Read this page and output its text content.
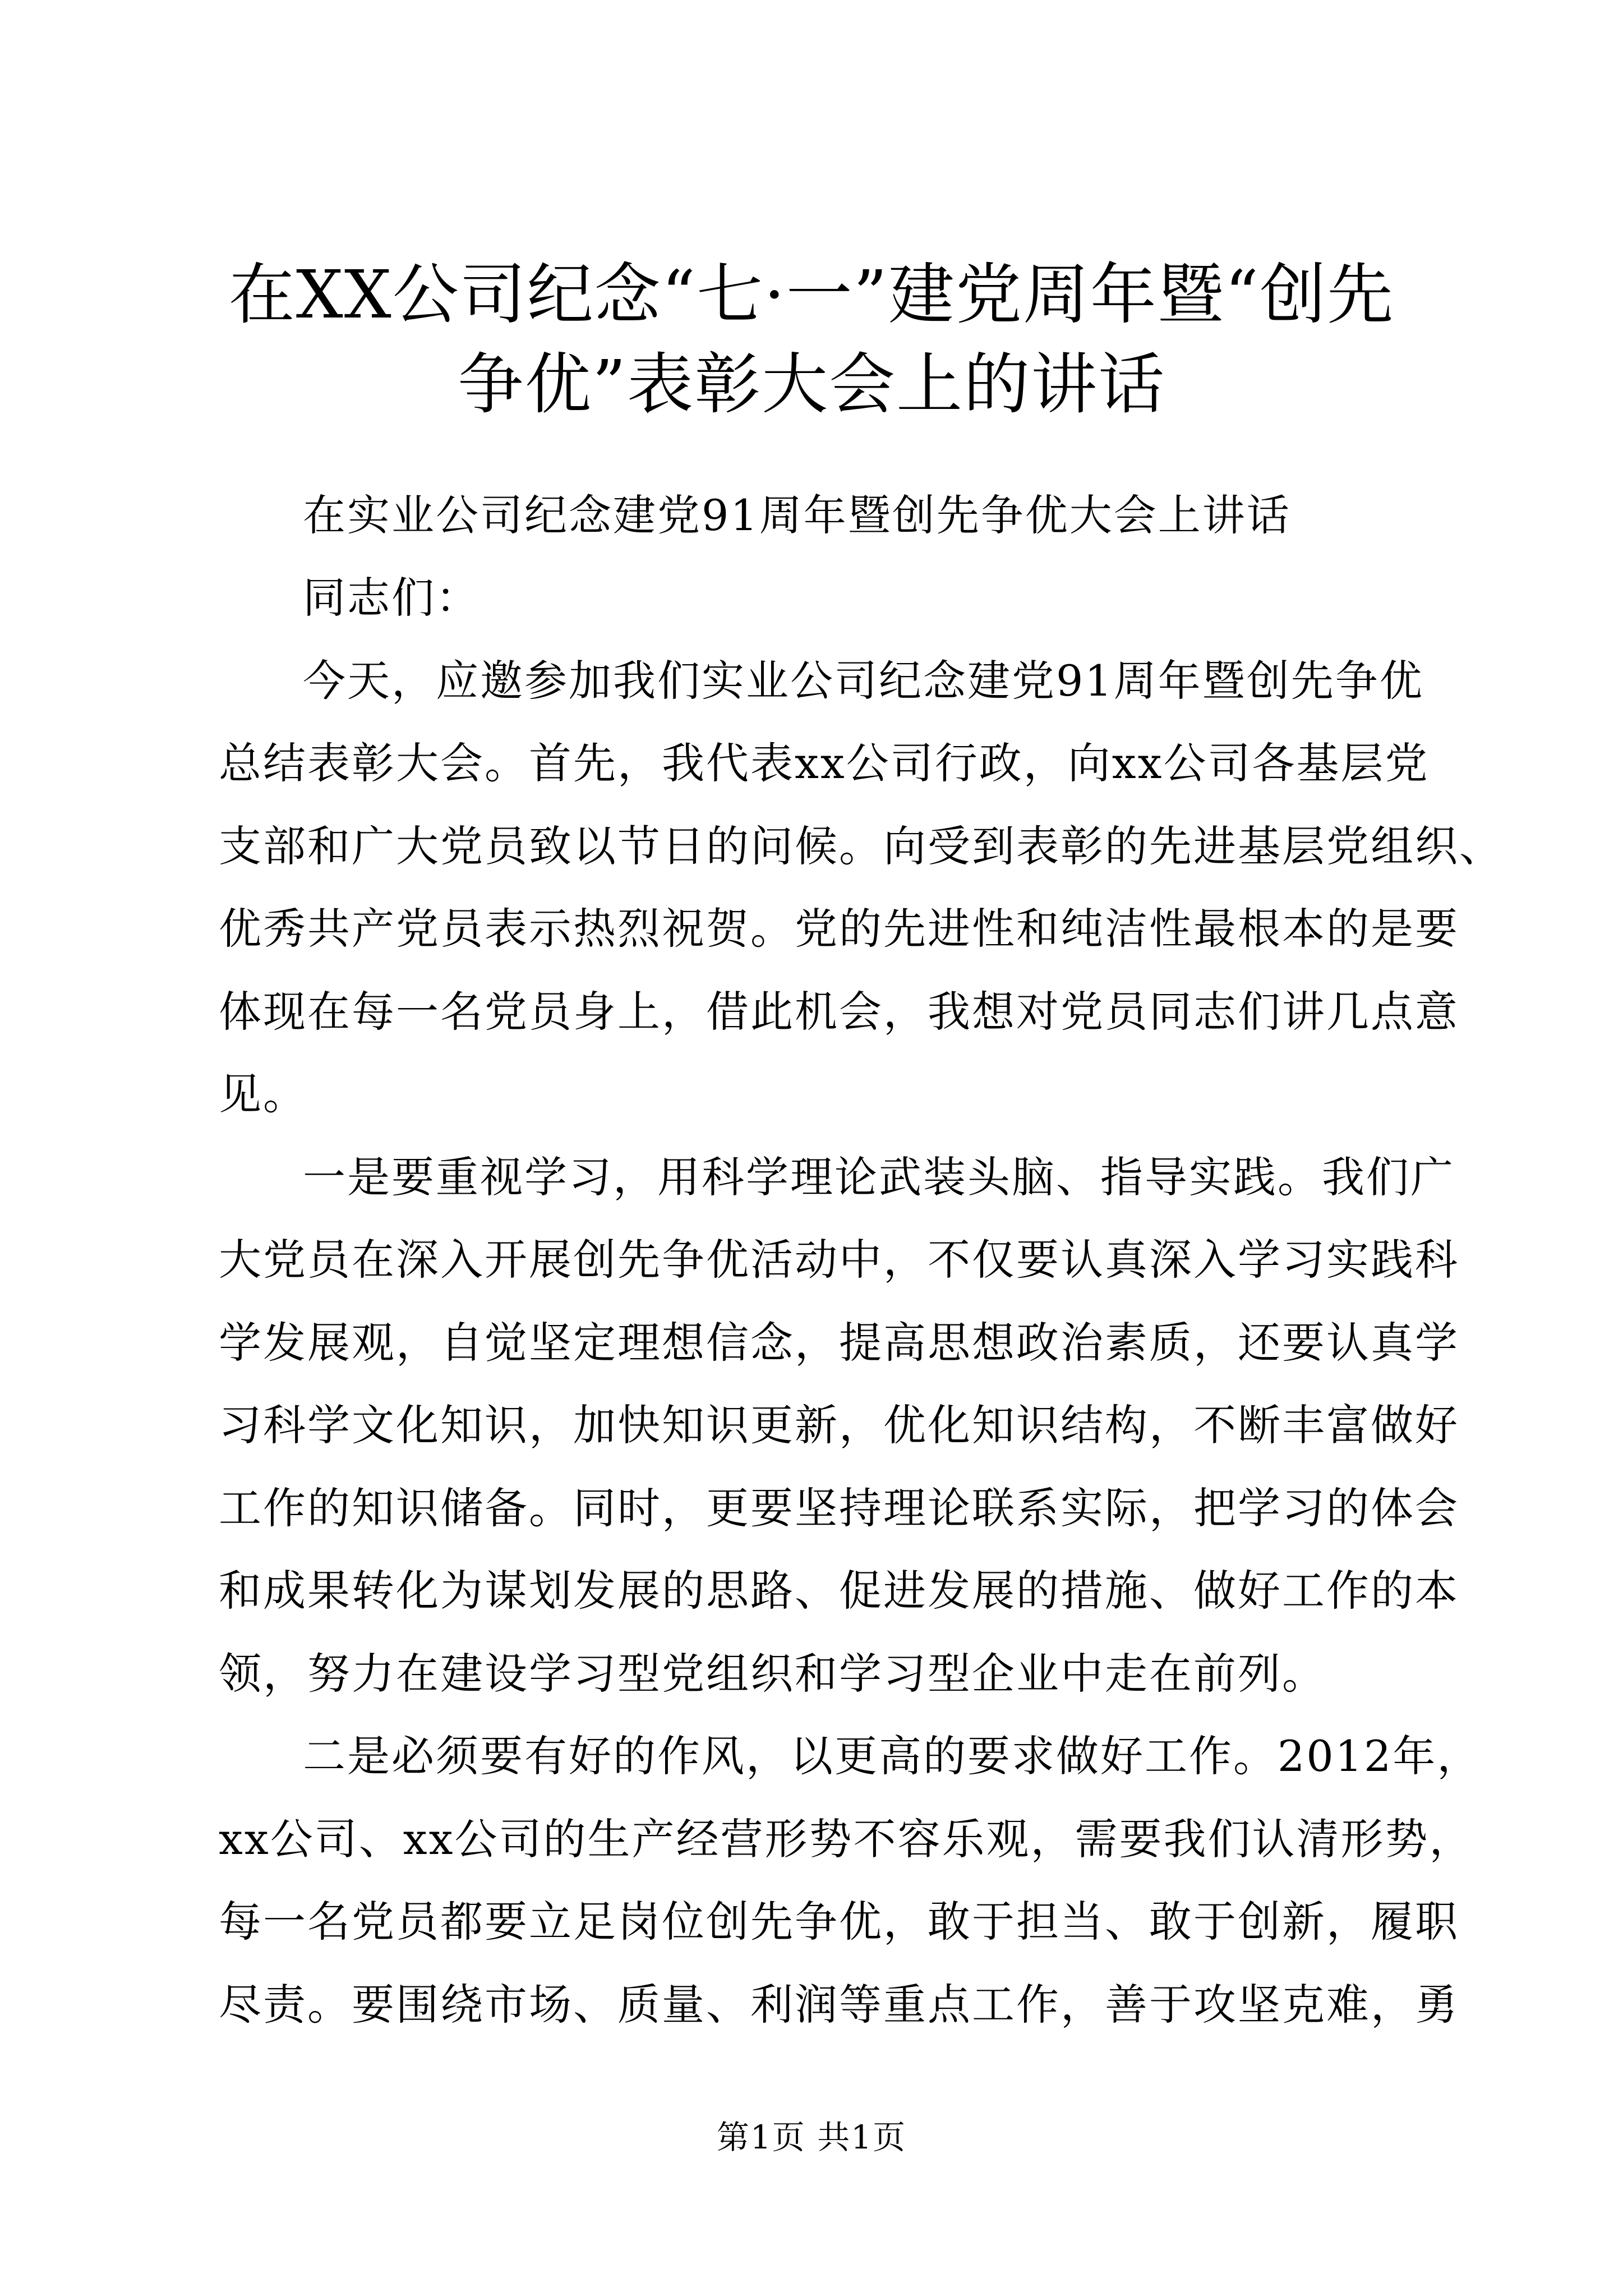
在XX公司纪念“七·一”建党周年暨“创先
争优”表彰大会上的讲话

在实业公司纪念建党91周年暨创先争优大会上讲话

同志们：

今天，应邀参加我们实业公司纪念建党91周年暨创先争优

总结表彰大会。首先，我代表xx公司行政，向xx公司各基层党

支部和广大党员致以节日的问候。向受到表彰的先进基层党组织、

优秀共产党员表示热烈祝贺。党的先进性和纯洁性最根本的是要

体现在每一名党员身上，借此机会，我想对党员同志们讲几点意

见。

一是要重视学习，用科学理论武装头脑、指导实践。我们广

大党员在深入开展创先争优活动中，不仅要认真深入学习实践科

学发展观，自觉坚定理想信念，提高思想政治素质，还要认真学

习科学文化知识，加快知识更新，优化知识结构，不断丰富做好

工作的知识储备。同时，更要坚持理论联系实际，把学习的体会

和成果转化为谋划发展的思路、促进发展的措施、做好工作的本

领，努力在建设学习型党组织和学习型企业中走在前列。

二是必须要有好的作风，以更高的要求做好工作。2012年，

xx公司、xx公司的生产经营形势不容乐观，需要我们认清形势，

每一名党员都要立足岗位创先争优，敢于担当、敢于创新，履职

尽责。要围绕市场、质量、利润等重点工作，善于攻坚克难，勇

第1页 共1页
